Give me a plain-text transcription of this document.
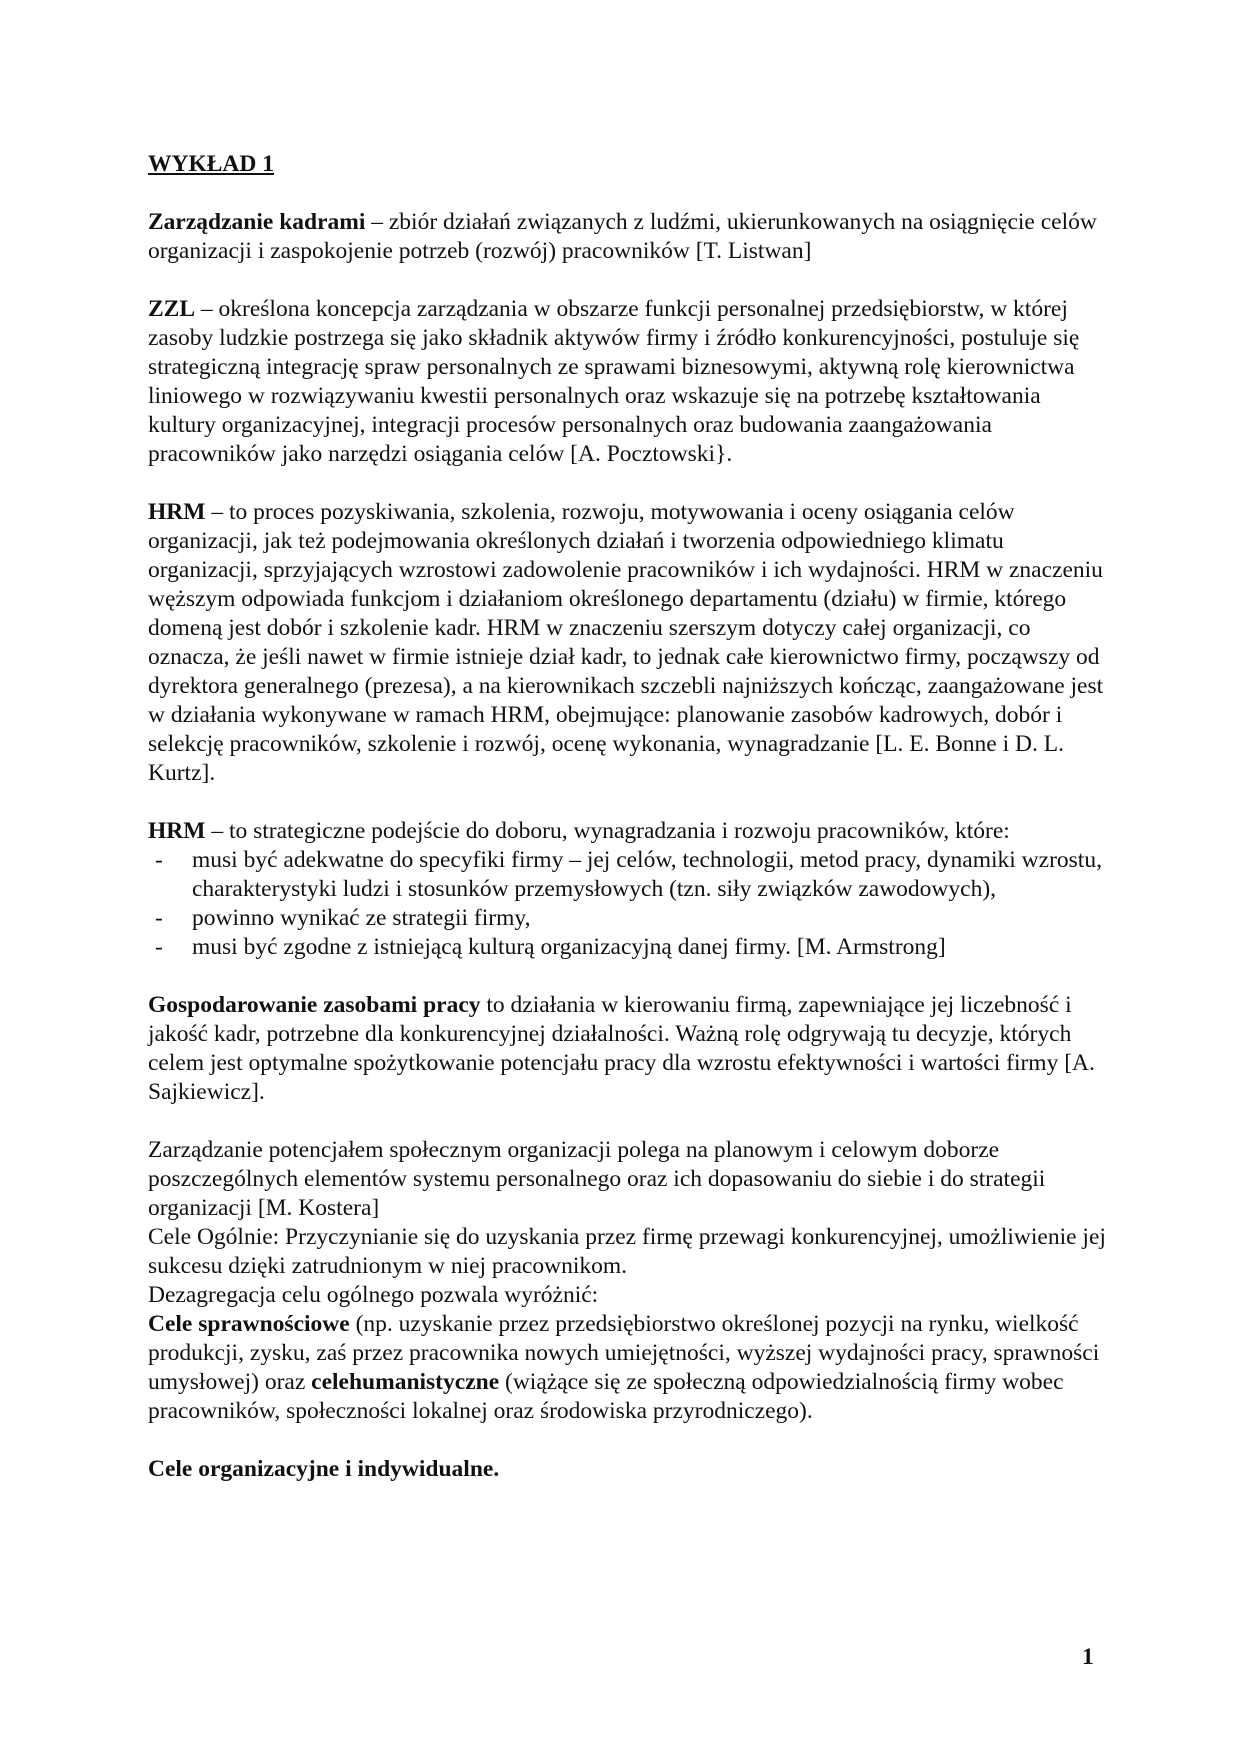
WYKŁAD 1

Zarządzanie kadrami – zbiór działań związanych z ludźmi, ukierunkowanych na osiągnięcie celów organizacji i zaspokojenie potrzeb (rozwój) pracowników [T. Listwan]

ZZL – określona koncepcja zarządzania w obszarze funkcji personalnej przedsiębiorstw, w której zasoby ludzkie postrzega się jako składnik aktywów firmy i źródło konkurencyjności, postuluje się strategiczną integrację spraw personalnych ze sprawami biznesowymi, aktywną rolę kierownictwa liniowego w rozwiązywaniu kwestii personalnych oraz wskazuje się na potrzebę kształtowania kultury organizacyjnej, integracji procesów personalnych oraz budowania zaangażowania pracowników jako narzędzi osiągania celów [A. Pocztowski}.

HRM – to proces pozyskiwania, szkolenia, rozwoju, motywowania i oceny osiągania celów organizacji, jak też podejmowania określonych działań i tworzenia odpowiedniego klimatu organizacji, sprzyjających wzrostowi zadowolenie pracowników i ich wydajności. HRM w znaczeniu węższym odpowiada funkcjom i działaniom określonego departamentu (działu) w firmie, którego domeną jest dobór i szkolenie kadr. HRM w znaczeniu szerszym dotyczy całej organizacji, co oznacza, że jeśli nawet w firmie istnieje dział kadr, to jednak całe kierownictwo firmy, począwszy od dyrektora generalnego (prezesa), a na kierownikach szczebli najniższych kończąc, zaangażowane jest w działania wykonywane w ramach HRM, obejmujące: planowanie zasobów kadrowych, dobór i selekcję pracowników, szkolenie i rozwój, ocenę wykonania, wynagradzanie [L. E. Bonne i D. L. Kurtz].

HRM – to strategiczne podejście do doboru, wynagradzania i rozwoju pracowników, które:

- musi być adekwatne do specyfiki firmy – jej celów, technologii, metod pracy, dynamiki wzrostu, charakterystyki ludzi i stosunków przemysłowych (tzn. siły związków zawodowych),
- powinno wynikać ze strategii firmy,
- musi być zgodne z istniejącą kulturą organizacyjną danej firmy. [M. Armstrong]

Gospodarowanie zasobami pracy to działania w kierowaniu firmą, zapewniające jej liczebność i jakość kadr, potrzebne dla konkurencyjnej działalności. Ważną rolę odgrywają tu decyzje, których celem jest optymalne spożytkowanie potencjału pracy dla wzrostu efektywności i wartości firmy [A. Sajkiewicz].

Zarządzanie potencjałem społecznym organizacji polega na planowym i celowym doborze poszczególnych elementów systemu personalnego oraz ich dopasowaniu do siebie i do strategii organizacji [M. Kostera]

Cele Ogólnie: Przyczynianie się do uzyskania przez firmę przewagi konkurencyjnej, umożliwienie jej sukcesu dzięki zatrudnionym w niej pracownikom.

Dezagregacja celu ogólnego pozwala wyróżnić:

Cele sprawnościowe (np. uzyskanie przez przedsiębiorstwo określonej pozycji na rynku, wielkość produkcji, zysku, zaś przez pracownika nowych umiejętności, wyższej wydajności pracy, sprawności umysłowej) oraz celehumanistyczne (wiążące się ze społeczną odpowiedzialnością firmy wobec pracowników, społeczności lokalnej oraz środowiska przyrodniczego).

Cele organizacyjne i indywidualne.

1
